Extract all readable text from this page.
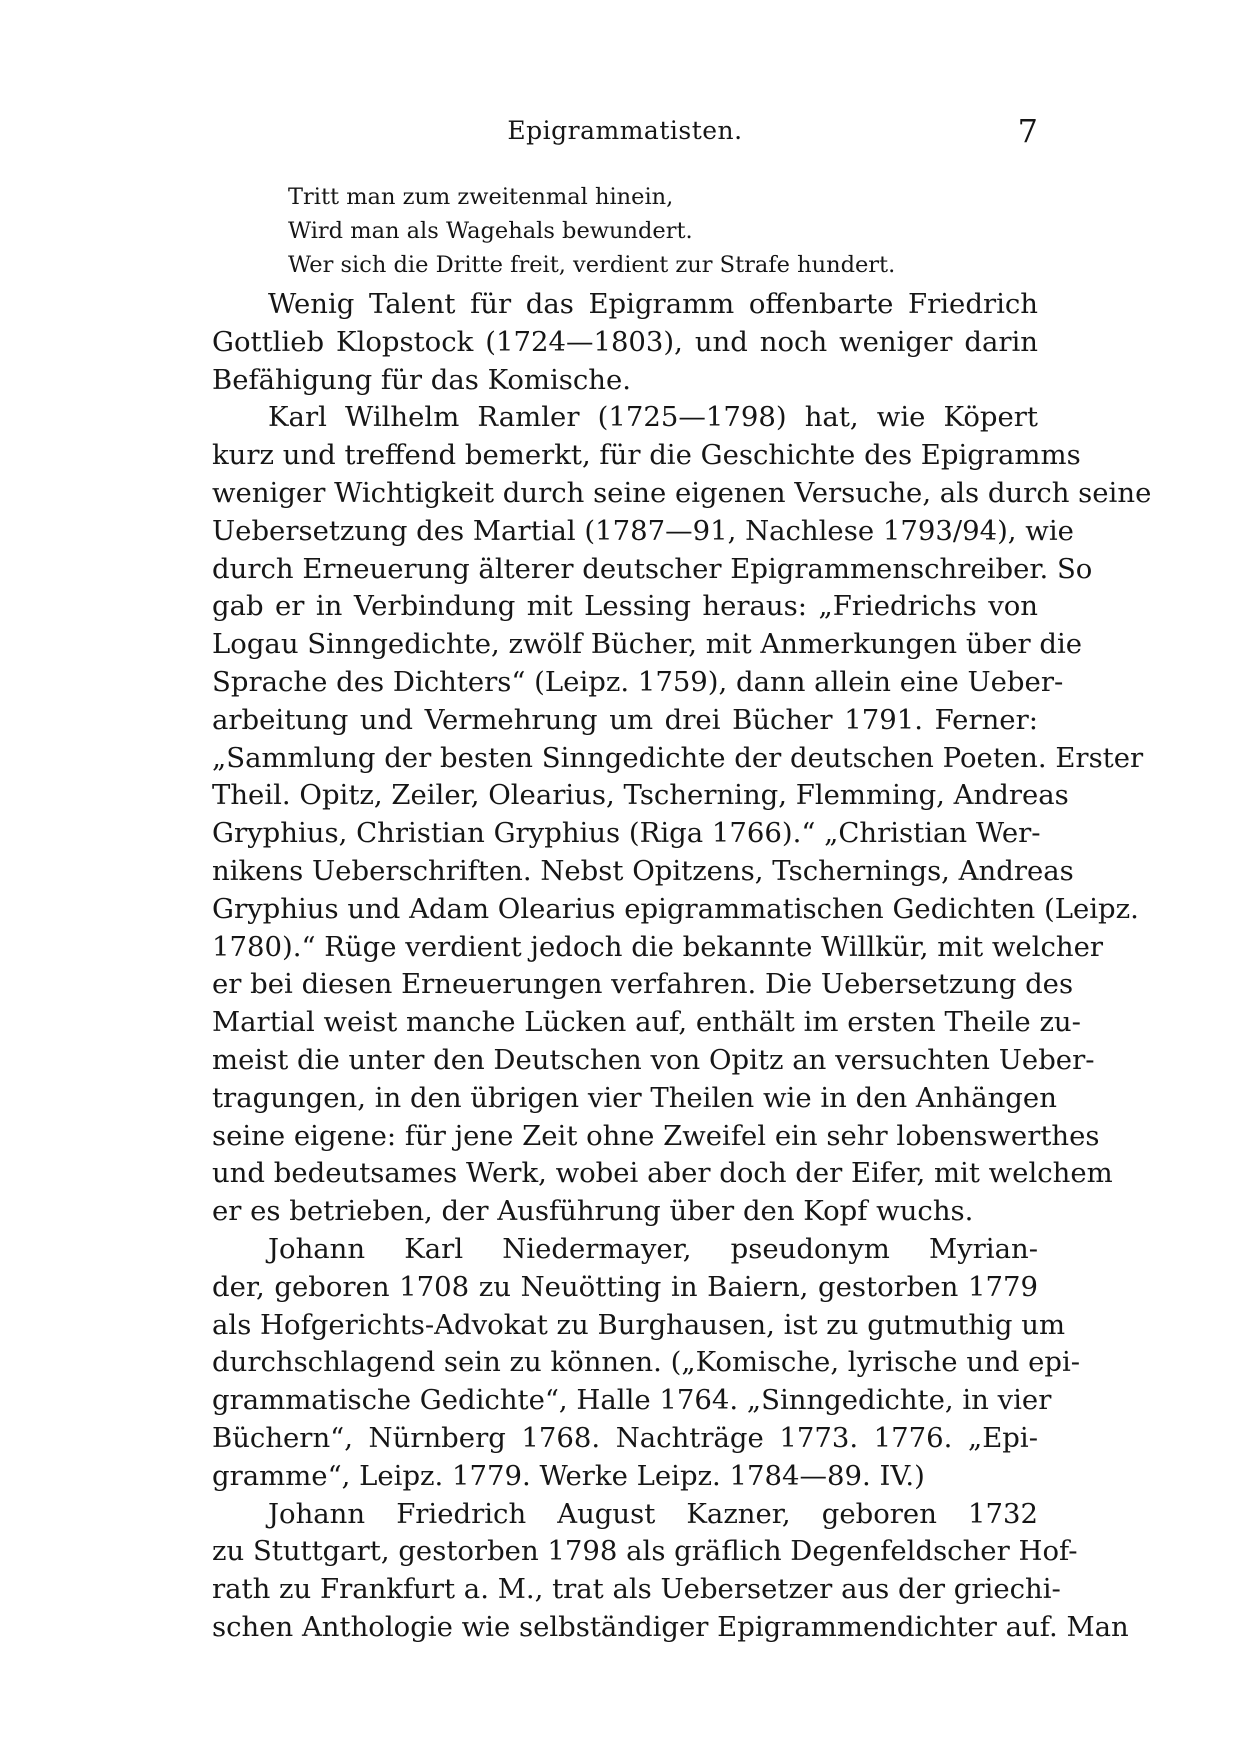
Epigrammatisten.	7
Tritt man zum zweitenmal hinein,
Wird man als Wagehals bewundert.
Wer sich die Dritte freit, verdient zur Strafe hundert.
Wenig Talent für das Epigramm offenbarte Friedrich
Gottlieb Klopstock (1724—1803), und noch weniger darin
Befähigung für das Komische.
Karl Wilhelm Ramler (1725—1798) hat, wie Köpert
kurz und treffend bemerkt, für die Geschichte des Epigramms
weniger Wichtigkeit durch seine eigenen Versuche, als durch seine
Uebersetzung des Martial (1787—91, Nachlese 1793/94), wie
durch Erneuerung älterer deutscher Epigrammenschreiber. So
gab er in Verbindung mit Lessing heraus: „Friedrichs von
Logau Sinngedichte, zwölf Bücher, mit Anmerkungen über die
Sprache des Dichters“ (Leipz. 1759), dann allein eine Ueber-
arbeitung und Vermehrung um drei Bücher 1791. Ferner:
„Sammlung der besten Sinngedichte der deutschen Poeten. Erster
Theil. Opitz, Zeiler, Olearius, Tscherning, Flemming, Andreas
Gryphius, Christian Gryphius (Riga 1766).“ „Christian Wer-
nikens Ueberschriften. Nebst Opitzens, Tschernings, Andreas
Gryphius und Adam Olearius epigrammatischen Gedichten (Leipz.
1780).“ Rüge verdient jedoch die bekannte Willkür, mit welcher
er bei diesen Erneuerungen verfahren. Die Uebersetzung des
Martial weist manche Lücken auf, enthält im ersten Theile zu-
meist die unter den Deutschen von Opitz an versuchten Ueber-
tragungen, in den übrigen vier Theilen wie in den Anhängen
seine eigene: für jene Zeit ohne Zweifel ein sehr lobenswerthes
und bedeutsames Werk, wobei aber doch der Eifer, mit welchem
er es betrieben, der Ausführung über den Kopf wuchs.
Johann Karl Niedermayer, pseudonym Myrian-
der, geboren 1708 zu Neuötting in Baiern, gestorben 1779
als Hofgerichts-Advokat zu Burghausen, ist zu gutmuthig um
durchschlagend sein zu können. („Komische, lyrische und epi-
grammatische Gedichte“, Halle 1764. „Sinngedichte, in vier
Büchern“, Nürnberg 1768. Nachträge 1773. 1776. „Epi-
gramme“, Leipz. 1779. Werke Leipz. 1784—89. IV.)
Johann Friedrich August Kazner, geboren 1732
zu Stuttgart, gestorben 1798 als gräflich Degenfeldscher Hof-
rath zu Frankfurt a. M., trat als Uebersetzer aus der griechi-
schen Anthologie wie selbständiger Epigrammendichter auf. Man
